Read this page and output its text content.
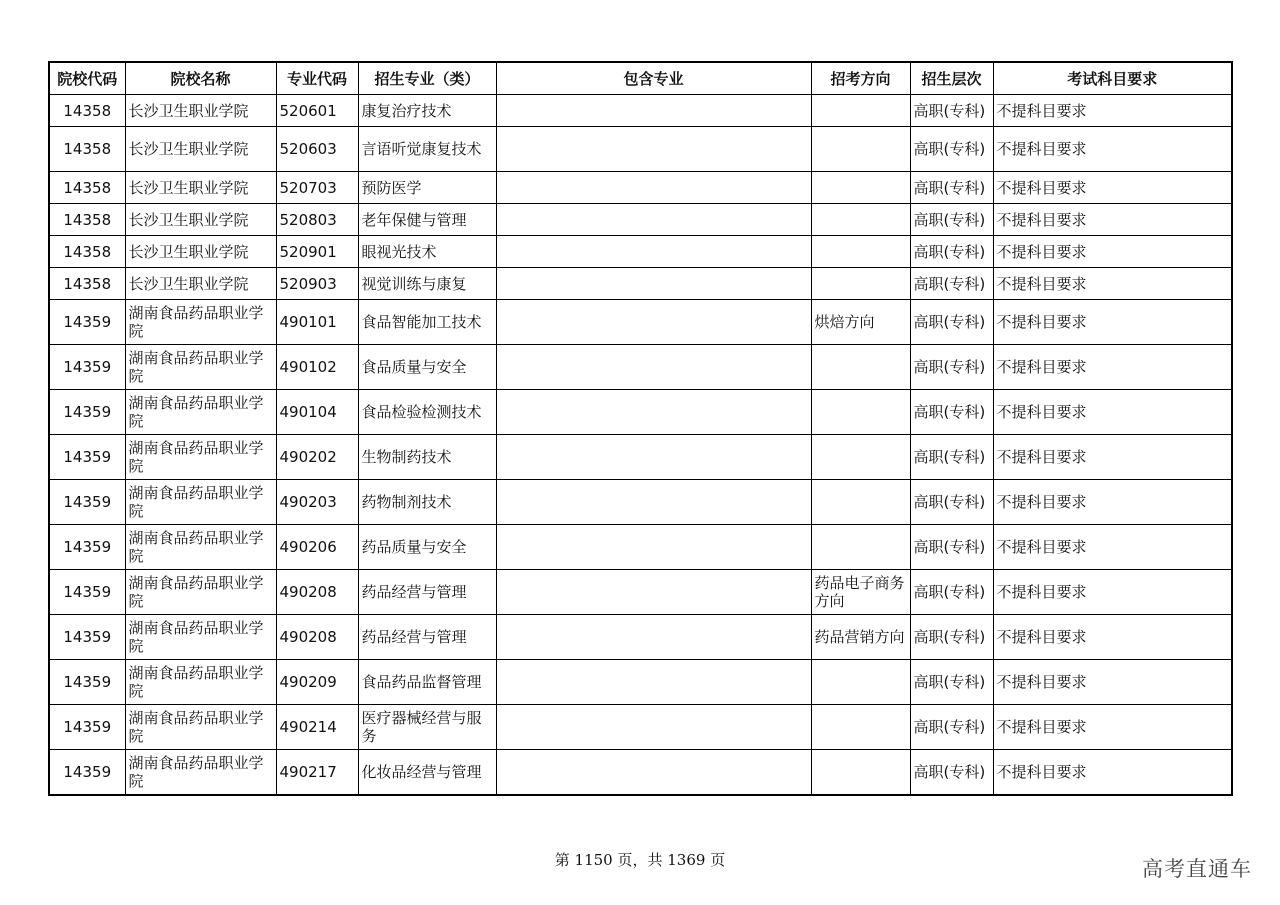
院校代码	院校名称	专业代码	招生专业（类）	包含专业	招考方向	招生层次	考试科目要求
14358	长沙卫生职业学院	520601	康复治疗技术			高职(专科)	不提科目要求
14358	长沙卫生职业学院	520603	言语听觉康复技术			高职(专科)	不提科目要求
14358	长沙卫生职业学院	520703	预防医学			高职(专科)	不提科目要求
14358	长沙卫生职业学院	520803	老年保健与管理			高职(专科)	不提科目要求
14358	长沙卫生职业学院	520901	眼视光技术			高职(专科)	不提科目要求
14358	长沙卫生职业学院	520903	视觉训练与康复			高职(专科)	不提科目要求
14359	湖南食品药品职业学院	490101	食品智能加工技术		烘焙方向	高职(专科)	不提科目要求
14359	湖南食品药品职业学院	490102	食品质量与安全			高职(专科)	不提科目要求
14359	湖南食品药品职业学院	490104	食品检验检测技术			高职(专科)	不提科目要求
14359	湖南食品药品职业学院	490202	生物制药技术			高职(专科)	不提科目要求
14359	湖南食品药品职业学院	490203	药物制剂技术			高职(专科)	不提科目要求
14359	湖南食品药品职业学院	490206	药品质量与安全			高职(专科)	不提科目要求
14359	湖南食品药品职业学院	490208	药品经营与管理		药品电子商务方向	高职(专科)	不提科目要求
14359	湖南食品药品职业学院	490208	药品经营与管理		药品营销方向	高职(专科)	不提科目要求
14359	湖南食品药品职业学院	490209	食品药品监督管理			高职(专科)	不提科目要求
14359	湖南食品药品职业学院	490214	医疗器械经营与服务			高职(专科)	不提科目要求
14359	湖南食品药品职业学院	490217	化妆品经营与管理			高职(专科)	不提科目要求
第 1150 页，共 1369 页	高考直通车
